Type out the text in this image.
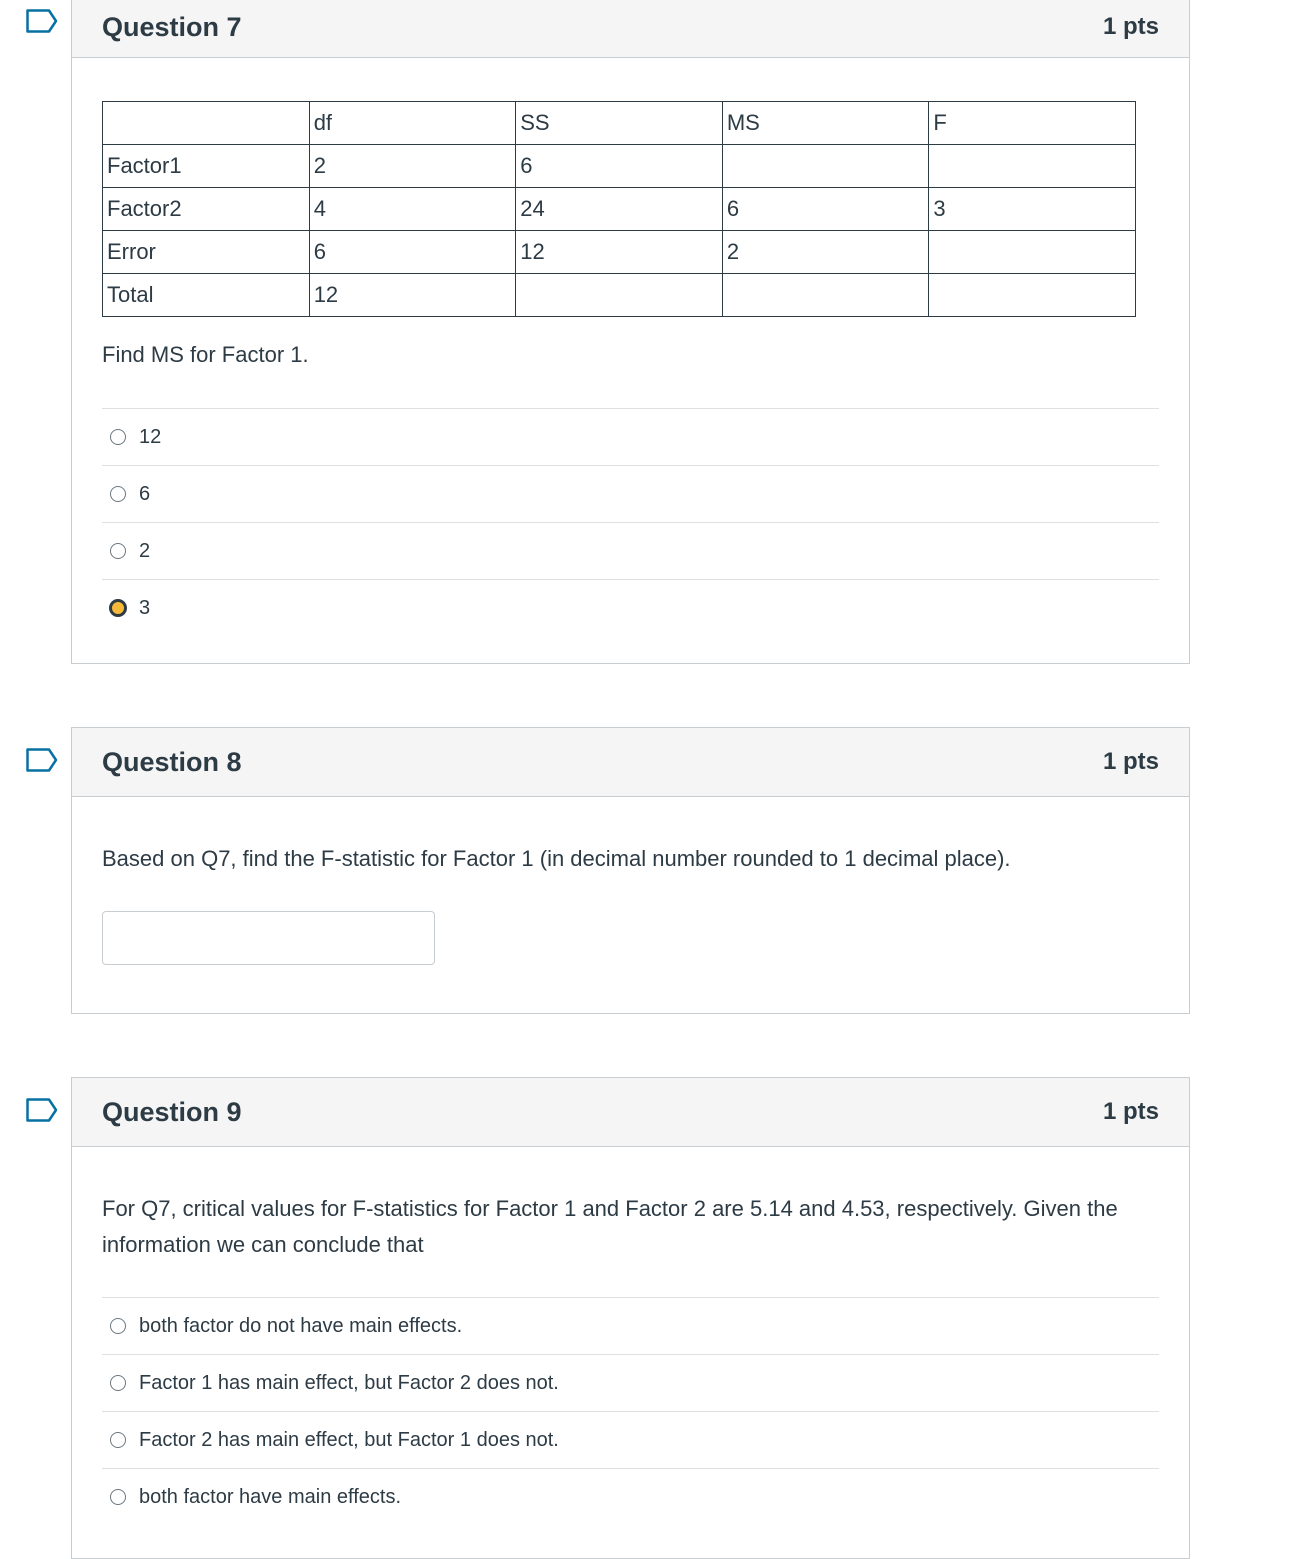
Question 7	1 pts
	df	SS	MS	F
Factor1	2	6		
Factor2	4	24	6	3
Error	6	12	2	
Total	12			
Find MS for Factor 1.
12
6
2
3
Question 8	1 pts
Based on Q7, find the F-statistic for Factor 1 (in decimal number rounded to 1 decimal place).
Question 9	1 pts
For Q7, critical values for F-statistics for Factor 1 and Factor 2 are 5.14 and 4.53, respectively. Given the information we can conclude that
both factor do not have main effects.
Factor 1 has main effect, but Factor 2 does not.
Factor 2 has main effect, but Factor 1 does not.
both factor have main effects.
